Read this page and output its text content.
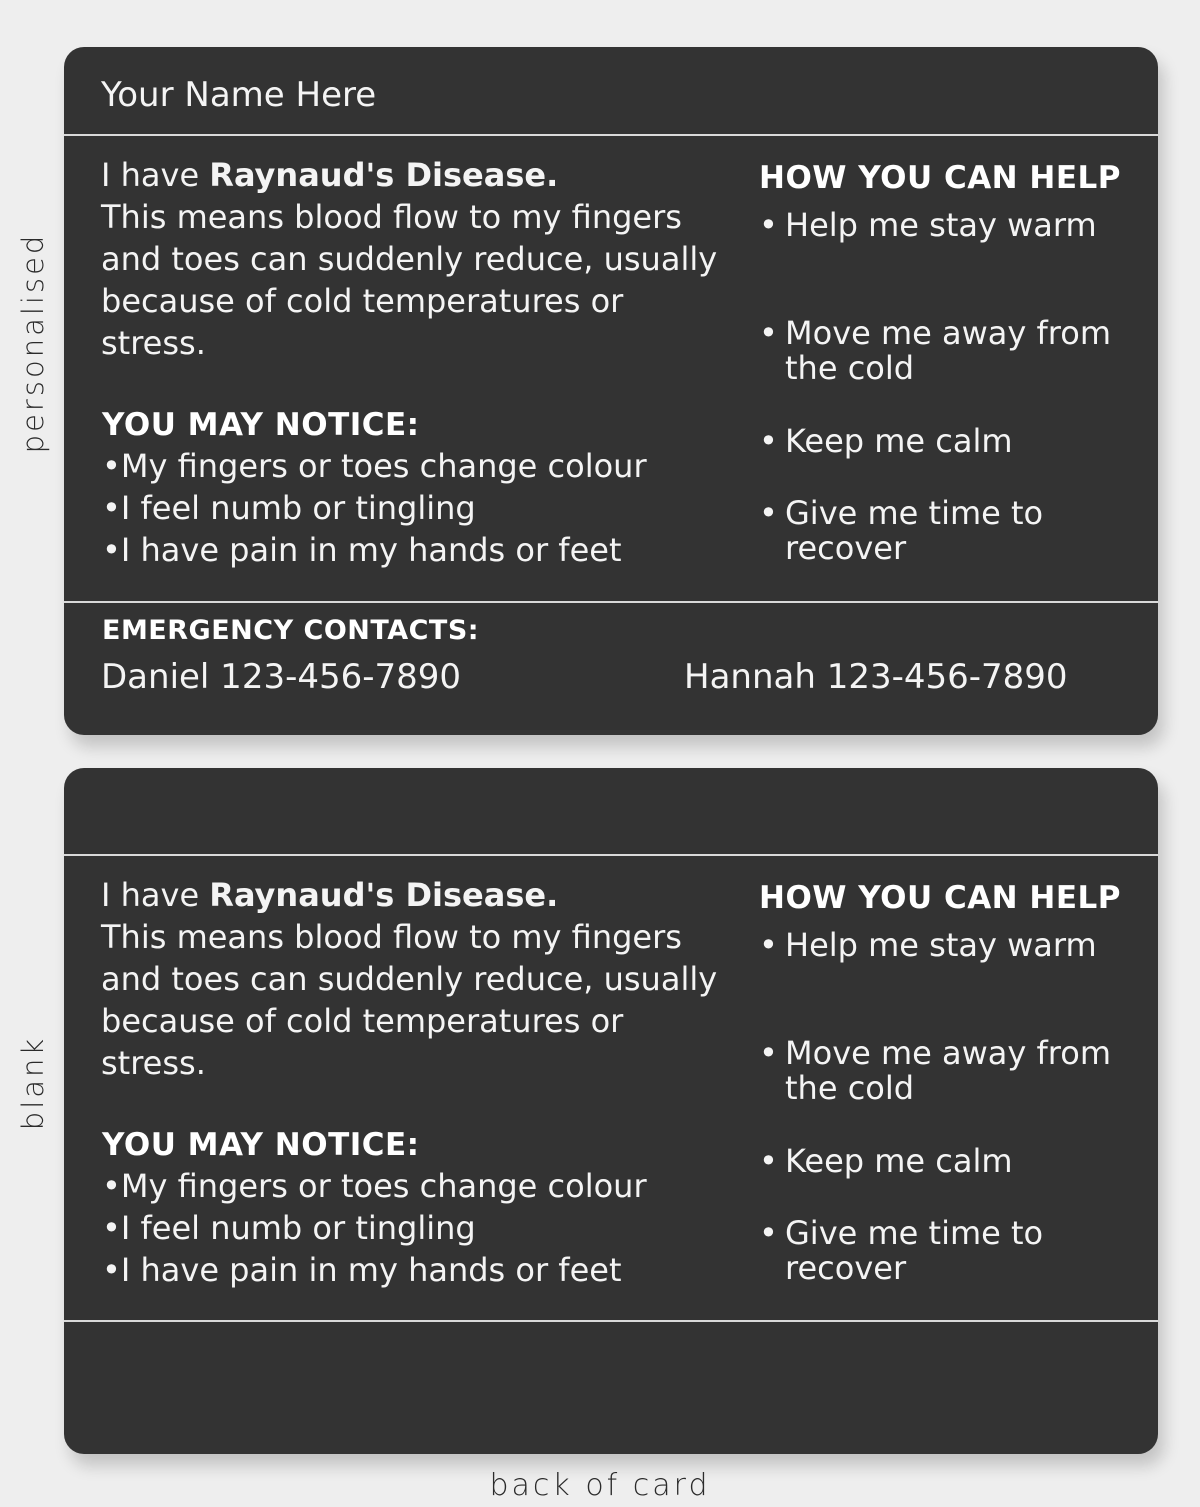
personalised
blank
Your Name Here
I have Raynaud's Disease.
This means blood flow to my fingers and toes can suddenly reduce, usually because of cold temperatures or stress.
YOU MAY NOTICE:
• My fingers or toes change colour
• I feel numb or tingling
• I have pain in my hands or feet
HOW YOU CAN HELP
• Help me stay warm
• Move me away from the cold
• Keep me calm
• Give me time to recover
EMERGENCY CONTACTS:
Daniel 123-456-7890	Hannah 123-456-7890
I have Raynaud's Disease.
This means blood flow to my fingers and toes can suddenly reduce, usually because of cold temperatures or stress.
YOU MAY NOTICE:
• My fingers or toes change colour
• I feel numb or tingling
• I have pain in my hands or feet
HOW YOU CAN HELP
• Help me stay warm
• Move me away from the cold
• Keep me calm
• Give me time to recover
back of card
